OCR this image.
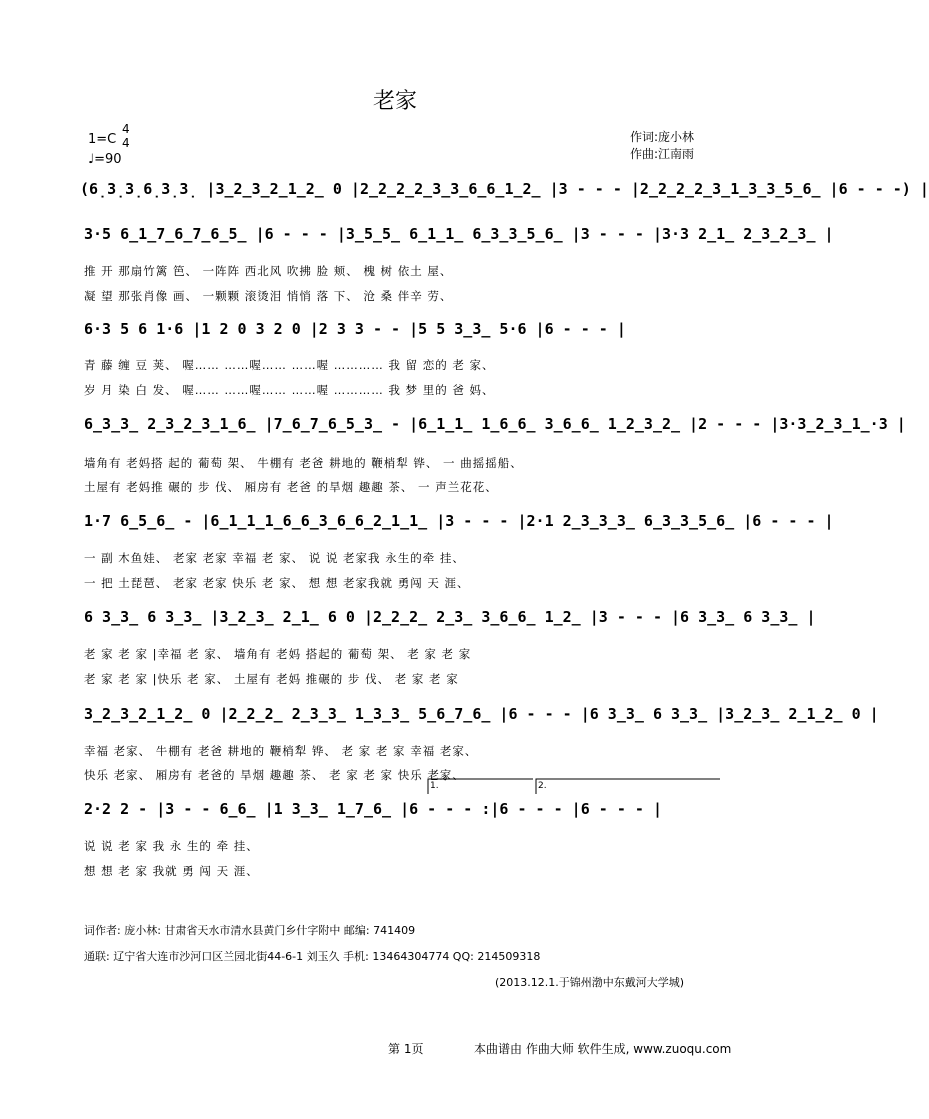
老家
1=C
4
4
♩=90
作词:庞小林
作曲:江南雨
(6̣3̣3̣6̣3̣3̣ |3̲2̲3̲2̲1̲2̲ 0 |2̲2̲2̲2̲3̲3̲6̲6̲1̲2̲ |3 - - - |2̲2̲2̲2̲3̲1̲3̲3̲5̲6̲ |6 - - -) |
3·5 6̲1̲7̲6̲7̲6̲5̲ |6 - - - |3̲5̲5̲ 6̲1̲1̲ 6̲3̲3̲5̲6̲ |3 - - - |3·3 2̲1̲ 2̲3̲2̲3̲ |
推 开 那扇竹篱 笆、 一阵阵 西北风 吹拂 脸 颊、 槐 树 依土 屋、
凝 望 那张肖像 画、 一颗颗 滚烫泪 悄悄 落 下、 沧 桑 伴辛 劳、
6·3 5 6 1·6 |1 2 0 3 2 0 |2 3 3 - - |5 5 3̲3̲ 5·6 |6 - - - |
青 藤 缠 豆 荚、 喔…… ……喔…… ……喔 ………… 我 留 恋的 老 家、
岁 月 染 白 发、 喔…… ……喔…… ……喔 ………… 我 梦 里的 爸 妈、
6̲3̲3̲ 2̲3̲2̲3̲1̲6̲ |7̲6̲7̲6̲5̲3̲ - |6̲1̲1̲ 1̲6̲6̲ 3̲6̲6̲ 1̲2̲3̲2̲ |2 - - - |3·3̲2̲3̲1̲·3 |
墙角有 老妈搭 起的 葡萄 架、 牛棚有 老爸 耕地的 鞭梢犁 铧、 一 曲摇摇船、
土屋有 老妈推 碾的 步 伐、 厢房有 老爸 的旱烟 趣趣 茶、 一 声兰花花、
1·7 6̲5̲6̲ - |6̲1̲1̲1̲6̲6̲3̲6̲6̲2̲1̲1̲ |3 - - - |2·1 2̲3̲3̲3̲ 6̲3̲3̲5̲6̲ |6 - - - |
一 副 木鱼娃、 老家 老家 幸福 老 家、 说 说 老家我 永生的牵 挂、
一 把 土琵琶、 老家 老家 快乐 老 家、 想 想 老家我就 勇闯 天 涯、
6 3̲3̲ 6 3̲3̲ |3̲2̲3̲ 2̲1̲ 6 0 |2̲2̲2̲ 2̲3̲ 3̲6̲6̲ 1̲2̲ |3 - - - |6 3̲3̲ 6 3̲3̲ |
老 家 老 家 |幸福 老 家、 墙角有 老妈 搭起的 葡萄 架、 老 家 老 家
老 家 老 家 |快乐 老 家、 土屋有 老妈 推碾的 步 伐、 老 家 老 家
3̲2̲3̲2̲1̲2̲ 0 |2̲2̲2̲ 2̲3̲3̲ 1̲3̲3̲ 5̲6̲7̲6̲ |6 - - - |6 3̲3̲ 6 3̲3̲ |3̲2̲3̲ 2̲1̲2̲ 0 |
幸福 老家、 牛棚有 老爸 耕地的 鞭梢犁 铧、 老 家 老 家 幸福 老家、
快乐 老家、 厢房有 老爸的 旱烟 趣趣 茶、 老 家 老 家 快乐 老家、
1.	2.
2·2 2 - |3 - - 6̲6̲ |1 3̲3̲ 1̲7̲6̲ |6 - - - :|6 - - - |6 - - - |
说 说 老 家 我 永 生的 牵 挂、
想 想 老 家 我就 勇 闯 天 涯、
词作者: 庞小林: 甘肃省天水市清水县黄门乡什字附中 邮编: 741409
通联: 辽宁省大连市沙河口区兰园北街44-6-1 刘玉久 手机: 13464304774 QQ: 214509318
(2013.12.1.于锦州渤中东戴河大学城)
第 1页	本曲谱由 作曲大师 软件生成, www.zuoqu.com
